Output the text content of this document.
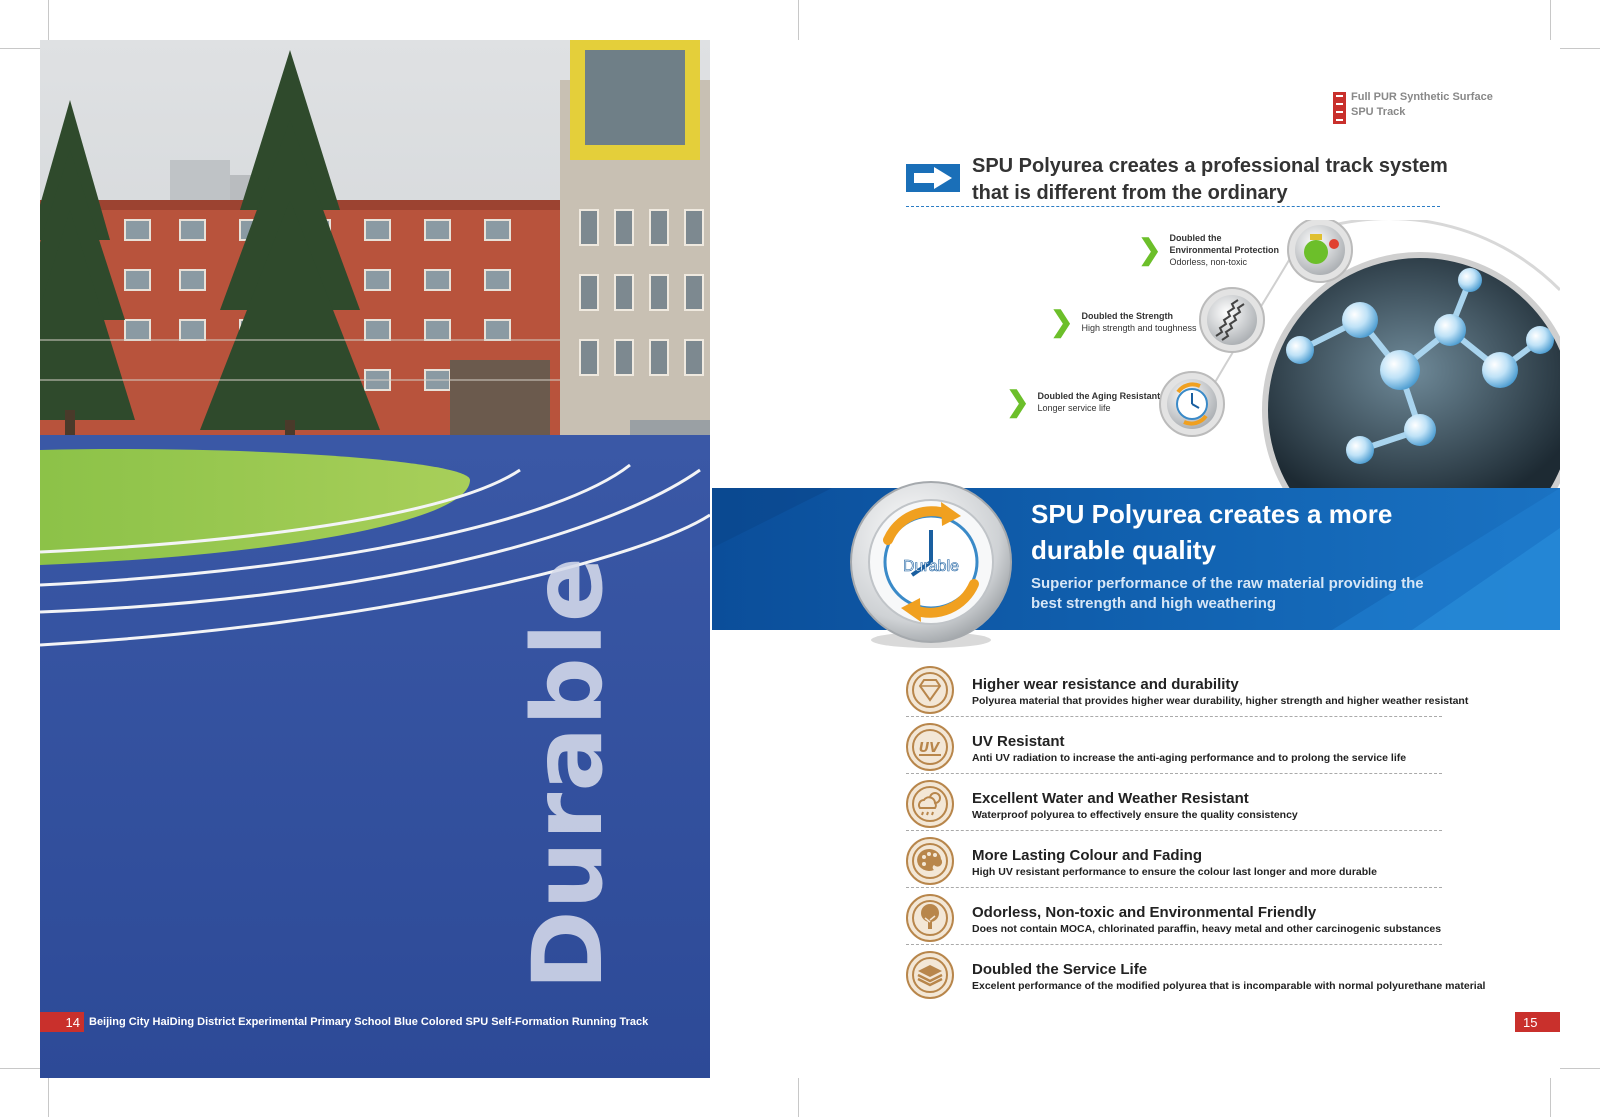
Durable
14 Beijing City HaiDing District Experimental Primary School Blue Colored SPU Self-Formation Running Track
Full PUR Synthetic Surface
SPU Track
SPU Polyurea creates a professional track system
that is different from the ordinary
❯ Doubled the
Environmental Protection
Odorless, non-toxic
❯ Doubled the Strength
High strength and toughness
❯ Doubled the Aging Resistant
Longer service life
SPU Polyurea creates a more
durable quality
Superior performance of the raw material providing the
best strength and high weathering
Durable
Higher wear resistance and durability
Polyurea material that provides higher wear durability, higher strength and higher weather resistant
UV UV Resistant
Anti UV radiation to increase the anti-aging performance and to prolong the service life
Excellent Water and Weather Resistant
Waterproof polyurea to effectively ensure the quality consistency
More Lasting Colour and Fading
High UV resistant performance to ensure the colour last longer and more durable
Odorless, Non-toxic and Environmental Friendly
Does not contain MOCA, chlorinated paraffin, heavy metal and other carcinogenic substances
Doubled the Service Life
Excelent performance of the modified polyurea that is incomparable with normal polyurethane material
15
